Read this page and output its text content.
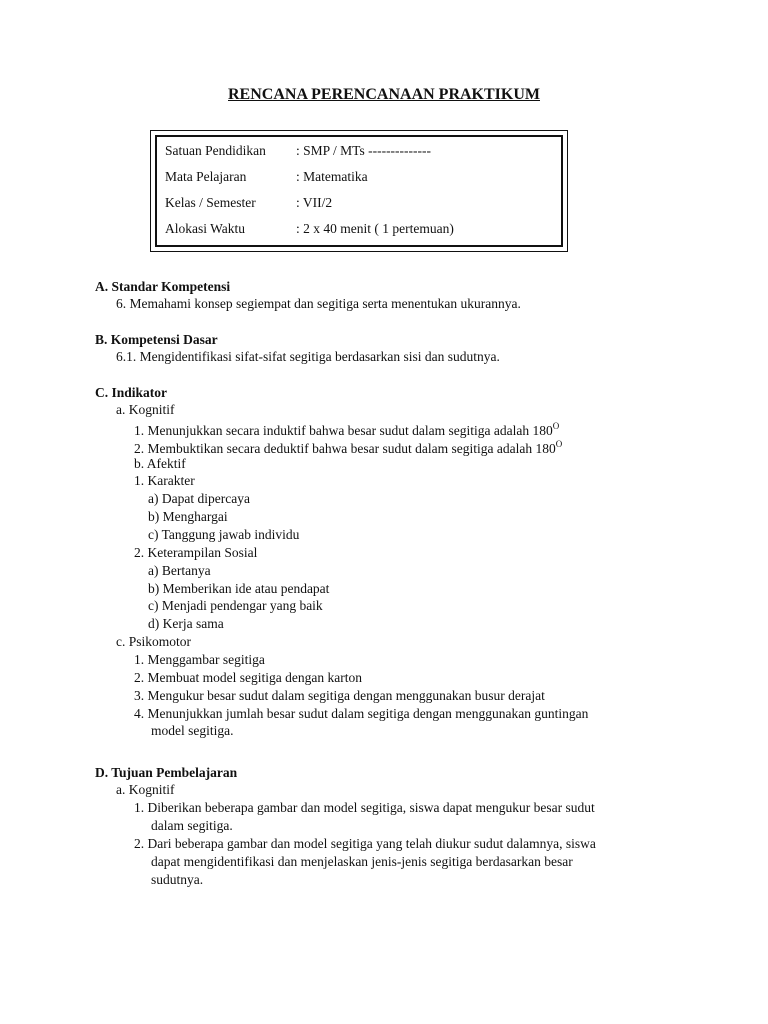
RENCANA PERENCANAAN PRAKTIKUM
Satuan Pendidikan	: SMP / MTs --------------
Mata Pelajaran	: Matematika
Kelas / Semester	: VII/2
Alokasi Waktu	: 2 x 40 menit ( 1 pertemuan)
A. Standar Kompetensi
6. Memahami konsep segiempat dan segitiga serta menentukan ukurannya.
B. Kompetensi Dasar
6.1. Mengidentifikasi sifat-sifat segitiga berdasarkan sisi dan sudutnya.
C. Indikator
a. Kognitif
1. Menunjukkan secara induktif bahwa besar sudut dalam segitiga adalah $180^O$
2. Membuktikan secara deduktif bahwa besar sudut dalam segitiga adalah $180^O$
b. Afektif
1. Karakter
a) Dapat dipercaya
b) Menghargai
c) Tanggung jawab individu
2. Keterampilan Sosial
a) Bertanya
b) Memberikan ide atau pendapat
c) Menjadi pendengar yang baik
d) Kerja sama
c. Psikomotor
1. Menggambar segitiga
2. Membuat model segitiga dengan karton
3. Mengukur besar sudut dalam segitiga dengan menggunakan busur derajat
4. Menunjukkan jumlah besar sudut dalam segitiga dengan menggunakan guntingan
model segitiga.
D. Tujuan Pembelajaran
a. Kognitif
1. Diberikan beberapa gambar dan model segitiga, siswa dapat mengukur besar sudut
dalam segitiga.
2. Dari beberapa gambar dan model segitiga yang telah diukur sudut dalamnya, siswa
dapat mengidentifikasi dan menjelaskan jenis-jenis segitiga berdasarkan besar
sudutnya.
